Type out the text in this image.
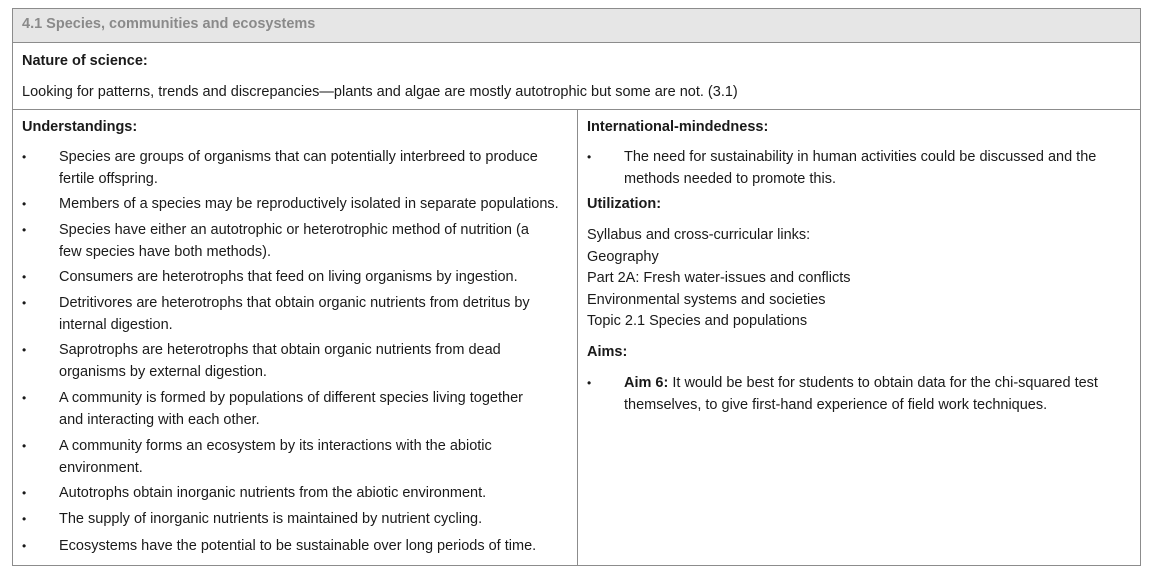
4.1 Species, communities and ecosystems
Nature of science:
Looking for patterns, trends and discrepancies—plants and algae are mostly autotrophic but some are not. (3.1)
Understandings:
• Species are groups of organisms that can potentially interbreed to produce
fertile offspring.
• Members of a species may be reproductively isolated in separate populations.
• Species have either an autotrophic or heterotrophic method of nutrition (a
few species have both methods).
• Consumers are heterotrophs that feed on living organisms by ingestion.
• Detritivores are heterotrophs that obtain organic nutrients from detritus by
internal digestion.
• Saprotrophs are heterotrophs that obtain organic nutrients from dead
organisms by external digestion.
• A community is formed by populations of different species living together
and interacting with each other.
• A community forms an ecosystem by its interactions with the abiotic
environment.
• Autotrophs obtain inorganic nutrients from the abiotic environment.
• The supply of inorganic nutrients is maintained by nutrient cycling.
• Ecosystems have the potential to be sustainable over long periods of time.
International-mindedness:
• The need for sustainability in human activities could be discussed and the
methods needed to promote this.
Utilization:
Syllabus and cross-curricular links:
Geography
Part 2A: Fresh water-issues and conflicts
Environmental systems and societies
Topic 2.1 Species and populations
Aims:
• Aim 6: It would be best for students to obtain data for the chi-squared test
themselves, to give first-hand experience of field work techniques.
